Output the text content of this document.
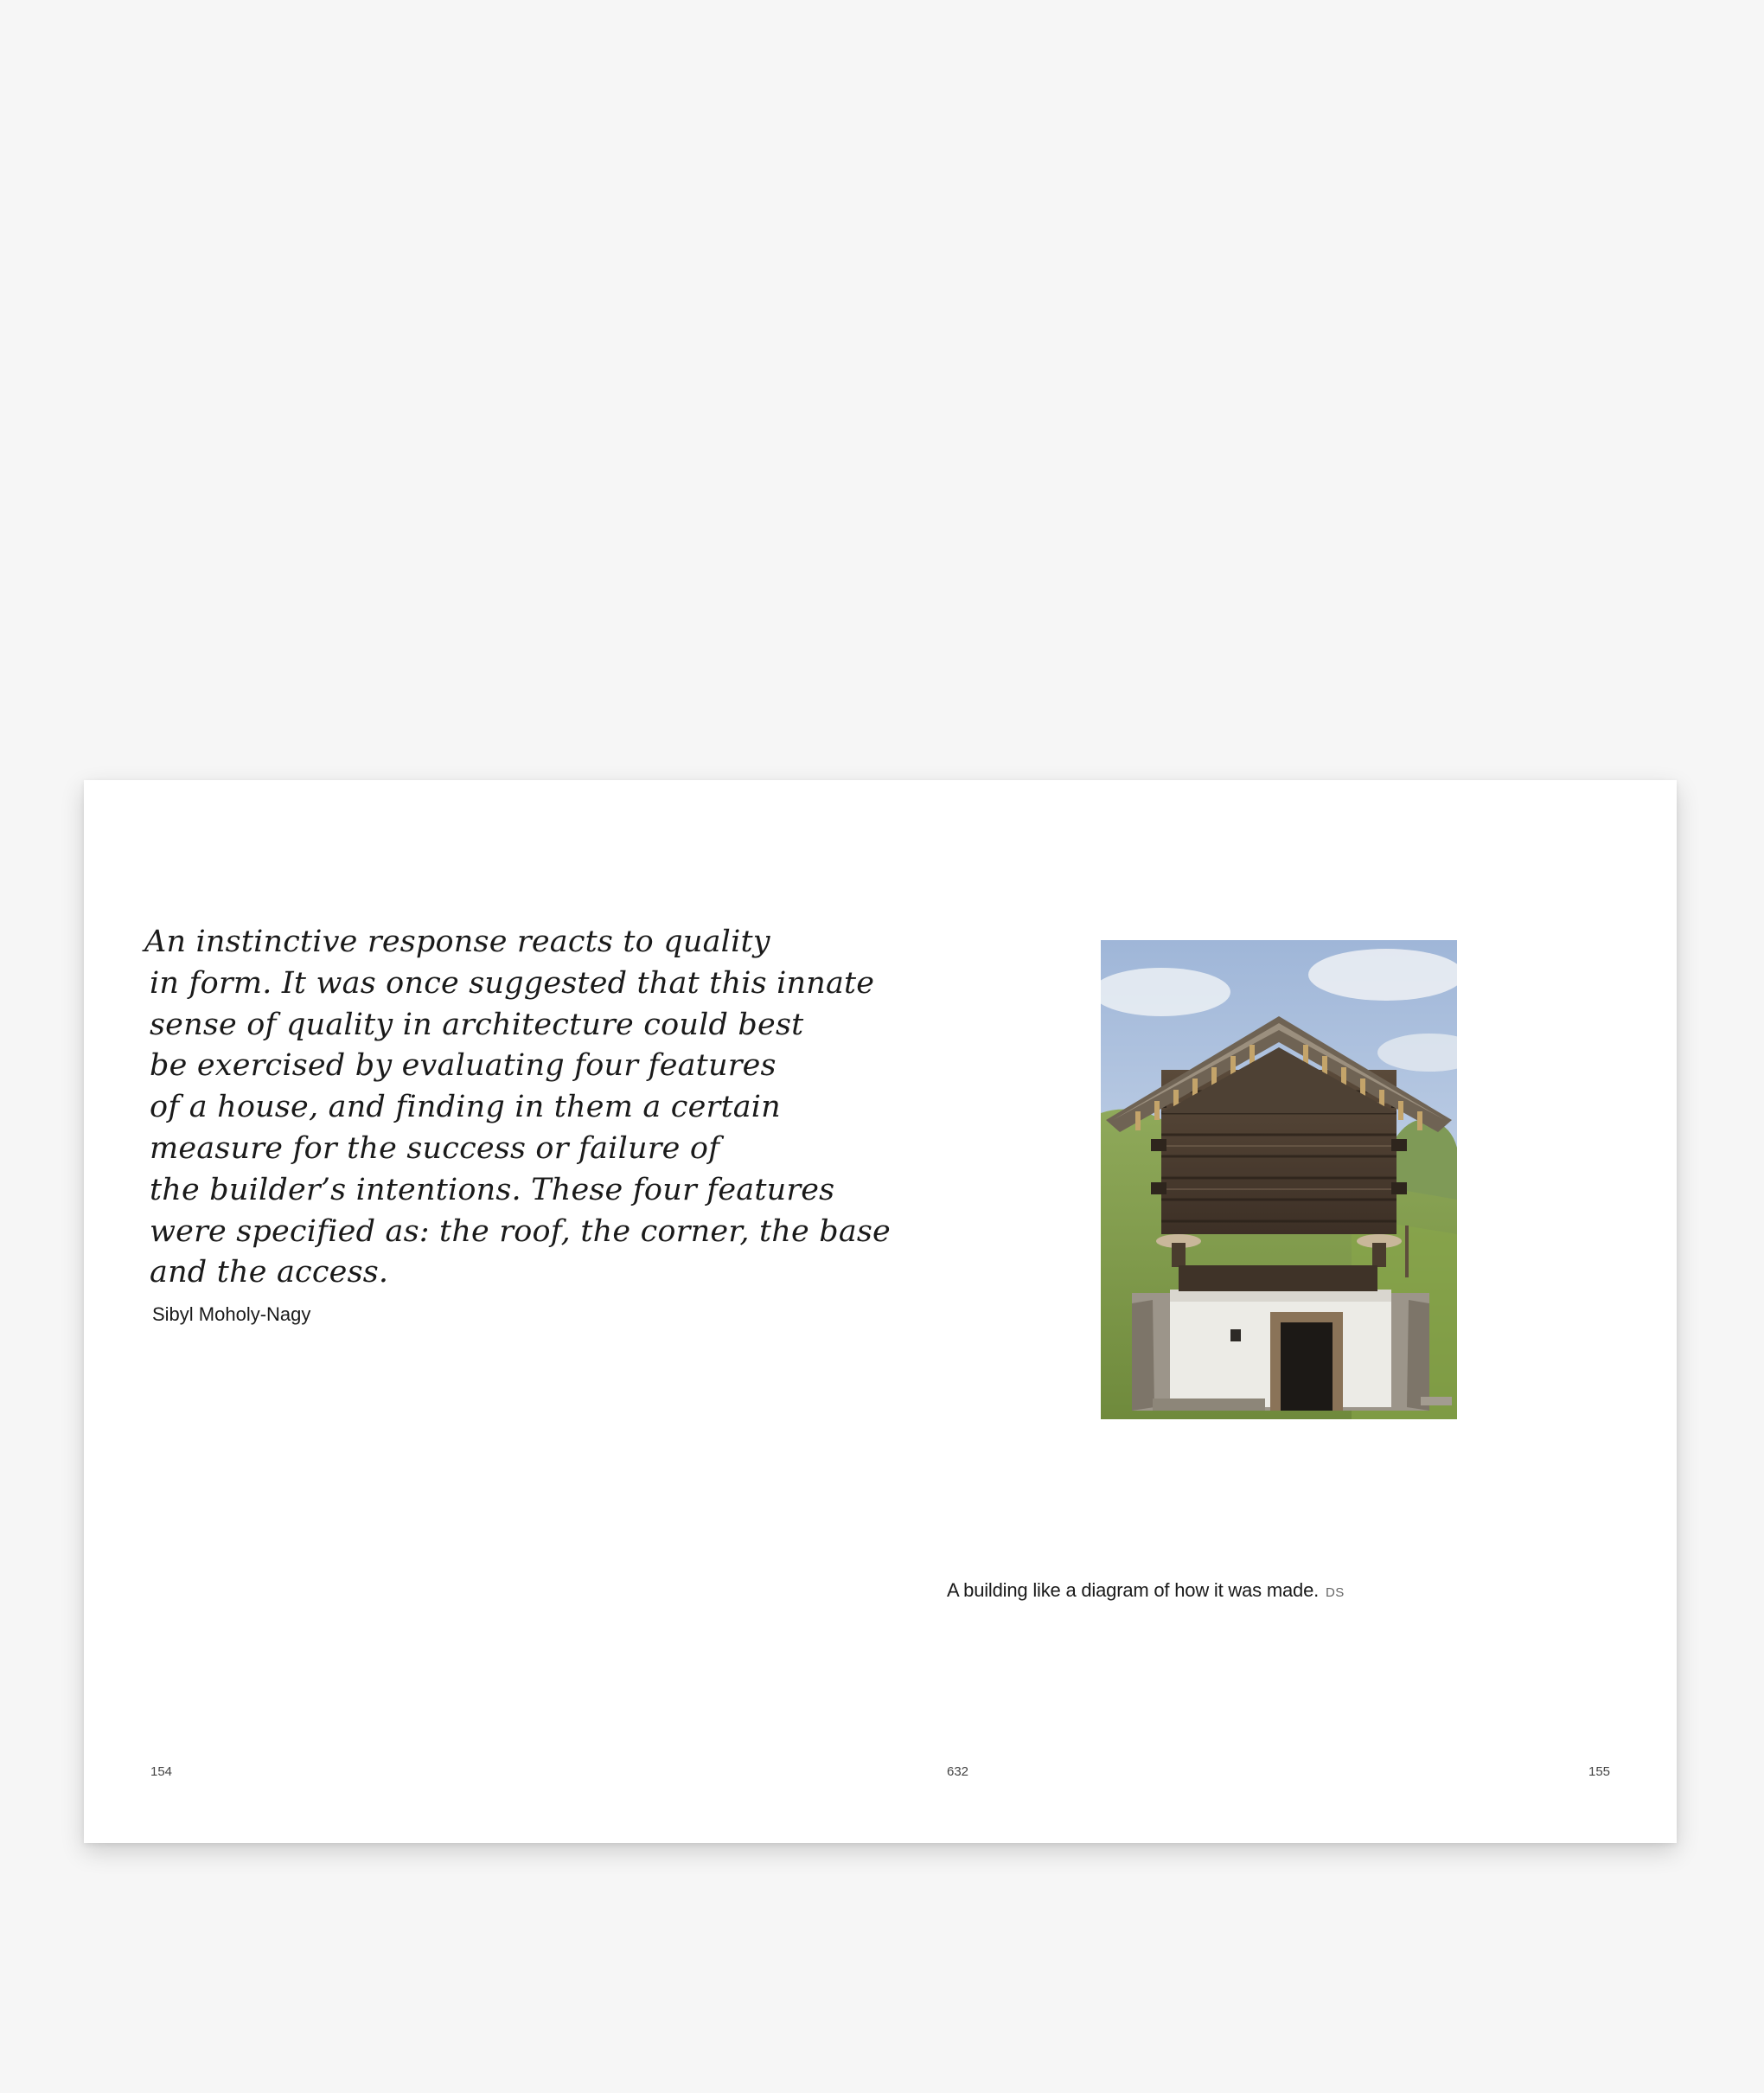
An instinctive response reacts to quality
in form. It was once suggested that this innate
sense of quality in architecture could best
be exercised by evaluating four features
of a house, and finding in them a certain
measure for the success or failure of
the builder’s intentions. These four features
were specified as: the roof, the corner, the base
and the access.

Sibyl Moholy-Nagy
A building like a diagram of how it was made. DS
154	632	155
